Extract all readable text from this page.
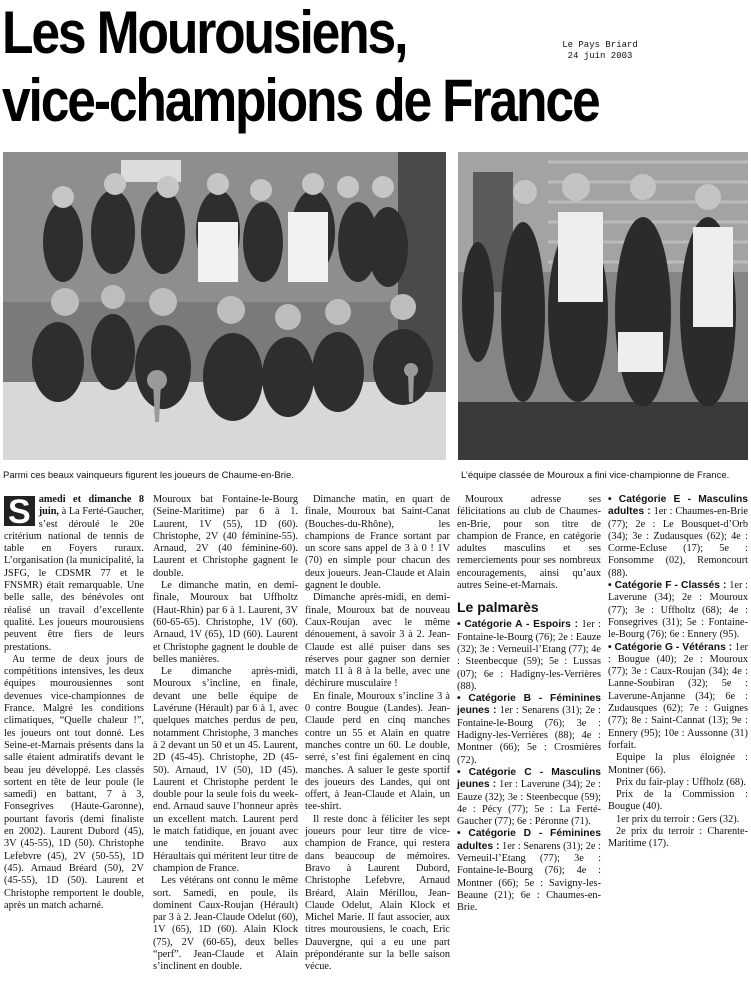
Les Mourousiens,
vice-champions de France
Le Pays Briard
24 juin 2003
Parmi ces beaux vainqueurs figurent les joueurs de Chaume-en-Brie.	L’équipe classée de Mouroux a fini vice-championne de France.

S amedi et dimanche 8 juin, à La Ferté-Gaucher, s’est déroulé le 20e critérium national de tennis de table en Foyers ruraux. L’organisation (la municipalité, la JSFG, le CDSMR 77 et le FNSMR) était remarquable. Une belle salle, des bénévoles ont réalisé un travail d’excellente qualité. Les joueurs mourousiens peuvent être fiers de leurs prestations.

Au terme de deux jours de compétitions intensives, les deux équipes mourousiennes sont devenues vice-championnes de France. Malgré les conditions climatiques, “Quelle chaleur !”, les joueurs ont tout donné. Les Seine-et-Marnais présents dans la salle étaient admiratifs devant le beau jeu développé. Les classés sortent en tête de leur poule (le samedi) en battant, 7 à 3, Fonsegrives (Haute-Garonne), pourtant favoris (demi finaliste en 2002). Laurent Dubord (45), 3V (45-55), 1D (50). Christophe Lefebvre (45), 2V (50-55), 1D (45). Arnaud Bréard (50), 2V (45-55), 1D (50). Laurent et Christophe remportent le double, après un match acharné.

Mouroux bat Fontaine-le-Bourg (Seine-Maritime) par 6 à 1. Laurent, 1V (55), 1D (60). Christophe, 2V (40 féminine-55). Arnaud, 2V (40 féminine-60). Laurent et Christophe gagnent le double.

Le dimanche matin, en demi-finale, Mouroux bat Uffholtz (Haut-Rhin) par 6 à 1. Laurent, 3V (60-65-65). Christophe, 1V (60). Arnaud, 1V (65), 1D (60). Laurent et Christophe gagnent le double de belles manières.

Le dimanche après-midi, Mouroux s’incline, en finale, devant une belle équipe de Lavérune (Hérault) par 6 à 1, avec quelques matches perdus de peu, notamment Christophe, 3 manches à 2 devant un 50 et un 45. Laurent, 2D (45-45). Christophe, 2D (45-50). Arnaud, 1V (50), 1D (45). Laurent et Christophe perdent le double pour la seule fois du week-end. Arnaud sauve l’honneur après un excellent match. Laurent perd le match fatidique, en jouant avec une tendinite. Bravo aux Héraultais qui méritent leur titre de champion de France.

Les vétérans ont connu le même sort. Samedi, en poule, ils dominent Caux-Roujan (Hérault) par 3 à 2. Jean-Claude Odelut (60), 1V (65), 1D (60). Alain Klock (75), 2V (60-65), deux belles “perf”. Jean-Claude et Alain s’inclinent en double.

Dimanche matin, en quart de finale, Mouroux bat Saint-Canat (Bouches-du-Rhône), les champions de France sortant par un score sans appel de 3 à 0 ! 1V (70) en simple pour chacun des deux joueurs. Jean-Claude et Alain gagnent le double.

Dimanche après-midi, en demi-finale, Mouroux bat de nouveau Caux-Roujan avec le même dénouement, à savoir 3 à 2. Jean-Claude est allé puiser dans ses réserves pour gagner son dernier match 11 à 8 à la belle, avec une déchirure musculaire !

En finale, Mouroux s’incline 3 à 0 contre Bougue (Landes). Jean-Claude perd en cinq manches contre un 55 et Alain en quatre manches contre un 60. Le double, serré, s’est fini également en cinq manches. A saluer le geste sportif des joueurs des Landes, qui ont offert, à Jean-Claude et Alain, un tee-shirt.

Il reste donc à féliciter les sept joueurs pour leur titre de vice-champion de France, qui restera dans beaucoup de mémoires. Bravo à Laurent Dubord, Christophe Lefebvre, Arnaud Bréard, Alain Mérillou, Jean-Claude Odelut, Alain Klock et Michel Marie. Il faut associer, aux titres mourousiens, le coach, Eric Dauvergne, qui a eu une part prépondérante sur la belle saison vécue.

Mouroux adresse ses félicitations au club de Chaumes-en-Brie, pour son titre de champion de France, en catégorie adultes masculins et ses remerciements pour ses nombreux encouragements, ainsi qu’aux autres Seine-et-Marnais.

Le palmarès

• Catégorie A - Espoirs : 1er : Fontaine-le-Bourg (76); 2e : Eauze (32); 3e : Verneuil-l’Etang (77); 4e : Steenbecque (59); 5e : Lussas (07); 6e : Hadigny-les-Verrières (88).

• Catégorie B - Féminines jeunes : 1er : Senarens (31); 2e : Fontaine-le-Bourg (76); 3e : Hadigny-les-Verrières (88); 4e : Montner (66); 5e : Crosmières (72).

• Catégorie C - Masculins jeunes : 1er : Laverune (34); 2e : Eauze (32); 3e : Steenbecque (59); 4e : Pécy (77); 5e : La Ferté-Gaucher (77); 6e : Péronne (71).

• Catégorie D - Féminines adultes : 1er : Senarens (31); 2e : Verneuil-l’Etang (77); 3e : Fontaine-le-Bourg (76); 4e : Montner (66); 5e : Savigny-les-Beaune (21); 6e : Chaumes-en-Brie.

• Catégorie E - Masculins adultes : 1er : Chaumes-en-Brie (77); 2e : Le Bousquet-d’Orb (34); 3e : Zudausques (62); 4e : Corme-Ecluse (17); 5e : Fonsomme (02), Remoncourt (88).

• Catégorie F - Classés : 1er : Laverune (34); 2e : Mouroux (77); 3e : Uffholtz (68); 4e : Fonsegrives (31); 5e : Fontaine-le-Bourg (76); 6e : Ennery (95).

• Catégorie G - Vétérans : 1er : Bougue (40); 2e : Mouroux (77); 3e : Caux-Roujan (34); 4e : Lanne-Soubiran (32); 5e : Laverune-Anjanne (34); 6e : Zudausques (62); 7e : Guignes (77); 8e : Saint-Cannat (13); 9e : Ennery (95); 10e : Aussonne (31) forfait.

Equipe la plus éloignée : Montner (66).

Prix du fair-play : Uffholz (68).

Prix de la Commission : Bougue (40).

1er prix du terroir : Gers (32).

2e prix du terroir : Charente-Maritime (17).
